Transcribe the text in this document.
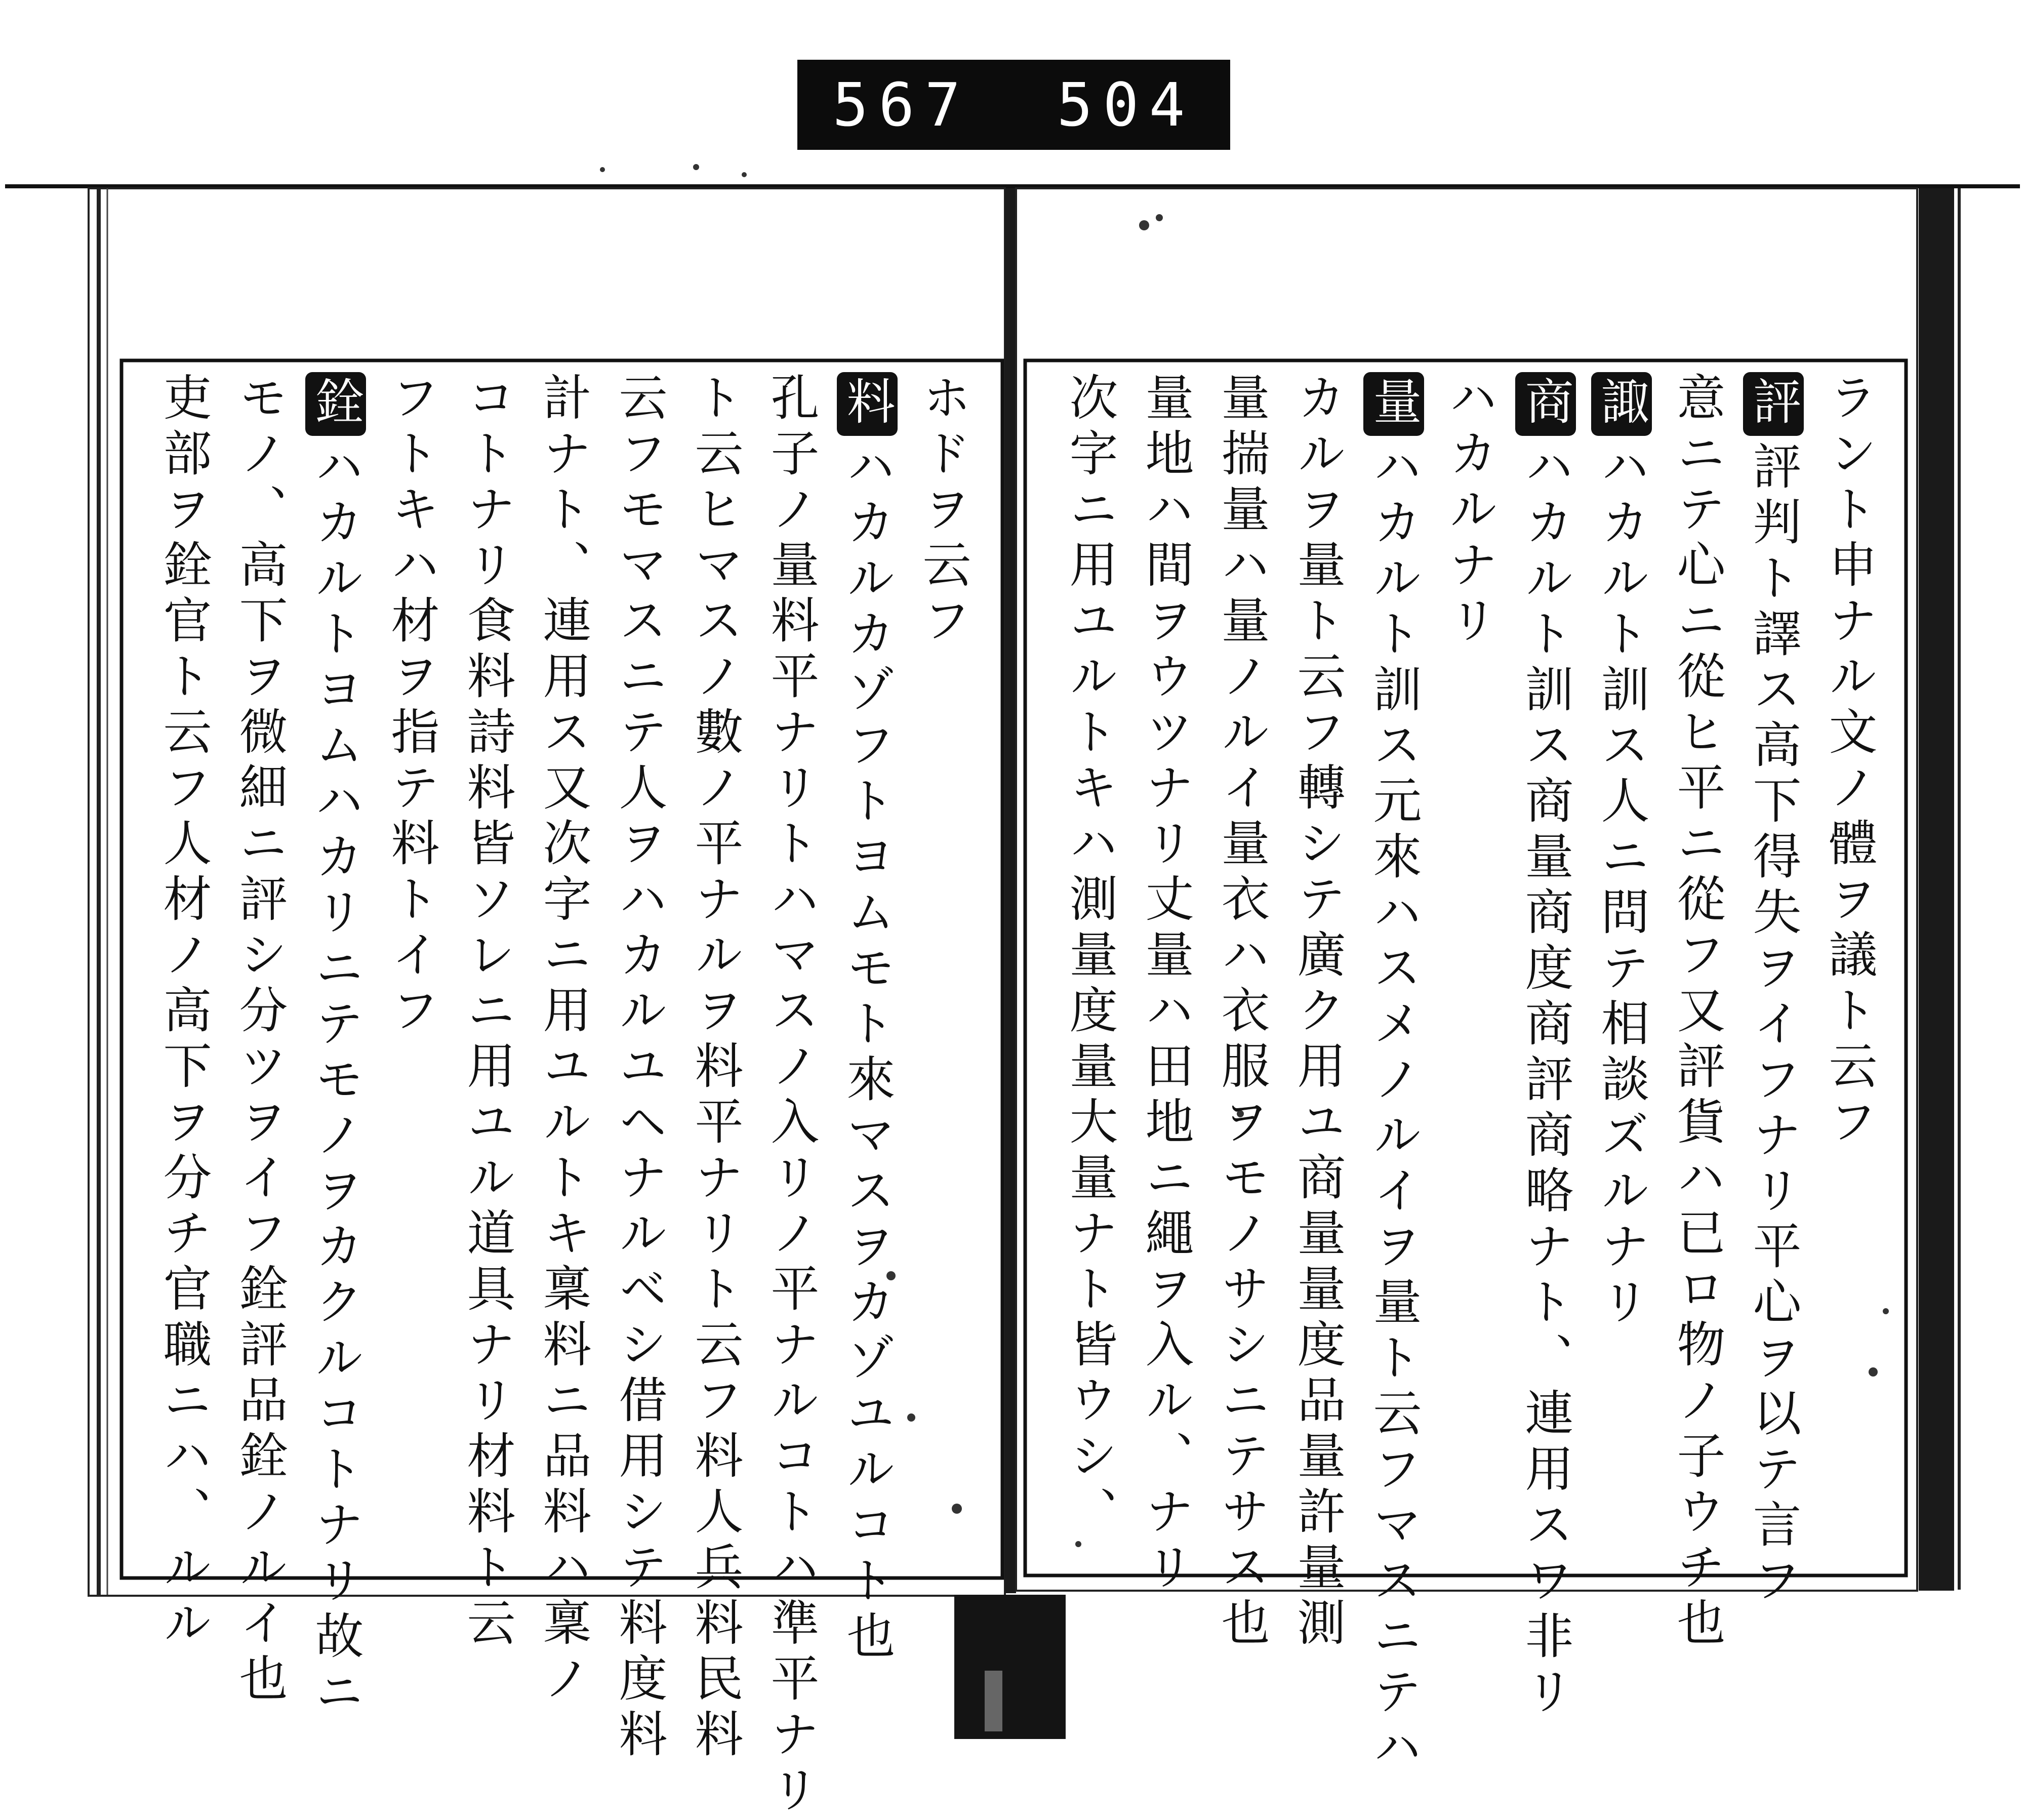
567 504
ラント申ナル文ノ體ヲ議ト云フ
評評判ト譯ス高下得失ヲイフナリ平心ヲ以テ言フ
意ニテ心ニ從ヒ平ニ從フ又評貨ハ已ロ物ノ子ウチ也
諏ハカルト訓ス人ニ問テ相談ズルナリ
商ハカルト訓ス商量商度商評商略ナト、連用スワ非リ
ハカルナリ
量ハカルト訓ス元來ハスメノルイヲ量ト云フマスニテハ
カルヲ量ト云フ轉シテ廣ク用ユ商量量度品量許量測
量揣量ハ量ノルイ量衣ハ衣服ヲモノサシニテサス也
量地ハ間ヲウツナリ丈量ハ田地ニ繩ヲ入ル、ナリ
次字ニ用ユルトキハ測量度量大量ナト皆ウシ、
ホドヲ云フ
料ハカルカゾフトヨムモト來マスヲカゾユルコト也
孔子ノ量料平ナリトハマスノ入リノ平ナルコトハ準平ナリ
ト云ヒマスノ數ノ平ナルヲ料平ナリト云フ料人兵料民料
云フモマスニテ人ヲハカルユヘナルベシ借用シテ料度料
計ナト、連用ス又次字ニ用ユルトキ稟料ニ品料ハ稟ノ
コトナリ食料詩料皆ソレニ用ユル道具ナリ材料ト云
フトキハ材ヲ指テ料トイフ
銓ハカルトヨムハカリニテモノヲカクルコトナリ故ニ
モノ、高下ヲ微細ニ評シ分ツヲイフ銓評品銓ノルイ也
吏部ヲ銓官ト云フ人材ノ高下ヲ分チ官職ニハ、ルル
